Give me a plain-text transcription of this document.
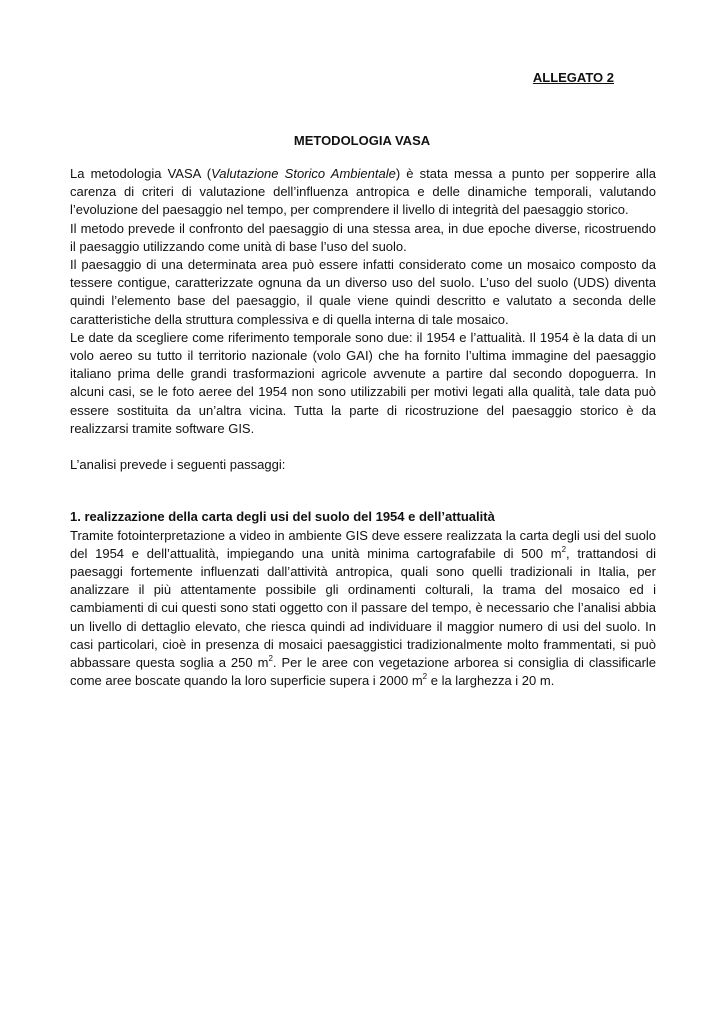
ALLEGATO 2
METODOLOGIA VASA

La metodologia VASA (Valutazione Storico Ambientale) è stata messa a punto per sopperire alla carenza di criteri di valutazione dell’influenza antropica e delle dinamiche temporali, valutando l’evoluzione del paesaggio nel tempo, per comprendere il livello di integrità del paesaggio storico.

Il metodo prevede il confronto del paesaggio di una stessa area, in due epoche diverse, ricostruendo il paesaggio utilizzando come unità di base l’uso del suolo.

Il paesaggio di una determinata area può essere infatti considerato come un mosaico composto da tessere contigue, caratterizzate ognuna da un diverso uso del suolo. L’uso del suolo (UDS) diventa quindi l’elemento base del paesaggio, il quale viene quindi descritto e valutato a seconda delle caratteristiche della struttura complessiva e di quella interna di tale mosaico.

Le date da scegliere come riferimento temporale sono due: il 1954 e l’attualità. Il 1954 è la data di un volo aereo su tutto il territorio nazionale (volo GAI) che ha fornito l’ultima immagine del paesaggio italiano prima delle grandi trasformazioni agricole avvenute a partire dal secondo dopoguerra. In alcuni casi, se le foto aeree del 1954 non sono utilizzabili per motivi legati alla qualità, tale data può essere sostituita da un’altra vicina. Tutta la parte di ricostruzione del paesaggio storico è da realizzarsi tramite software GIS.

L’analisi prevede i seguenti passaggi:

1. realizzazione della carta degli usi del suolo del 1954 e dell’attualità

Tramite fotointerpretazione a video in ambiente GIS deve essere realizzata la carta degli usi del suolo del 1954 e dell’attualità, impiegando una unità minima cartografabile di 500 $m^2$, trattandosi di paesaggi fortemente influenzati dall’attività antropica, quali sono quelli tradizionali in Italia, per analizzare il più attentamente possibile gli ordinamenti colturali, la trama del mosaico ed i cambiamenti di cui questi sono stati oggetto con il passare del tempo, è necessario che l’analisi abbia un livello di dettaglio elevato, che riesca quindi ad individuare il maggior numero di usi del suolo. In casi particolari, cioè in presenza di mosaici paesaggistici tradizionalmente molto frammentati, si può abbassare questa soglia a 250 $m^2$. Per le aree con vegetazione arborea si consiglia di classificarle come aree boscate quando la loro superficie supera i 2000 $m^2$ e la larghezza i 20 m.
